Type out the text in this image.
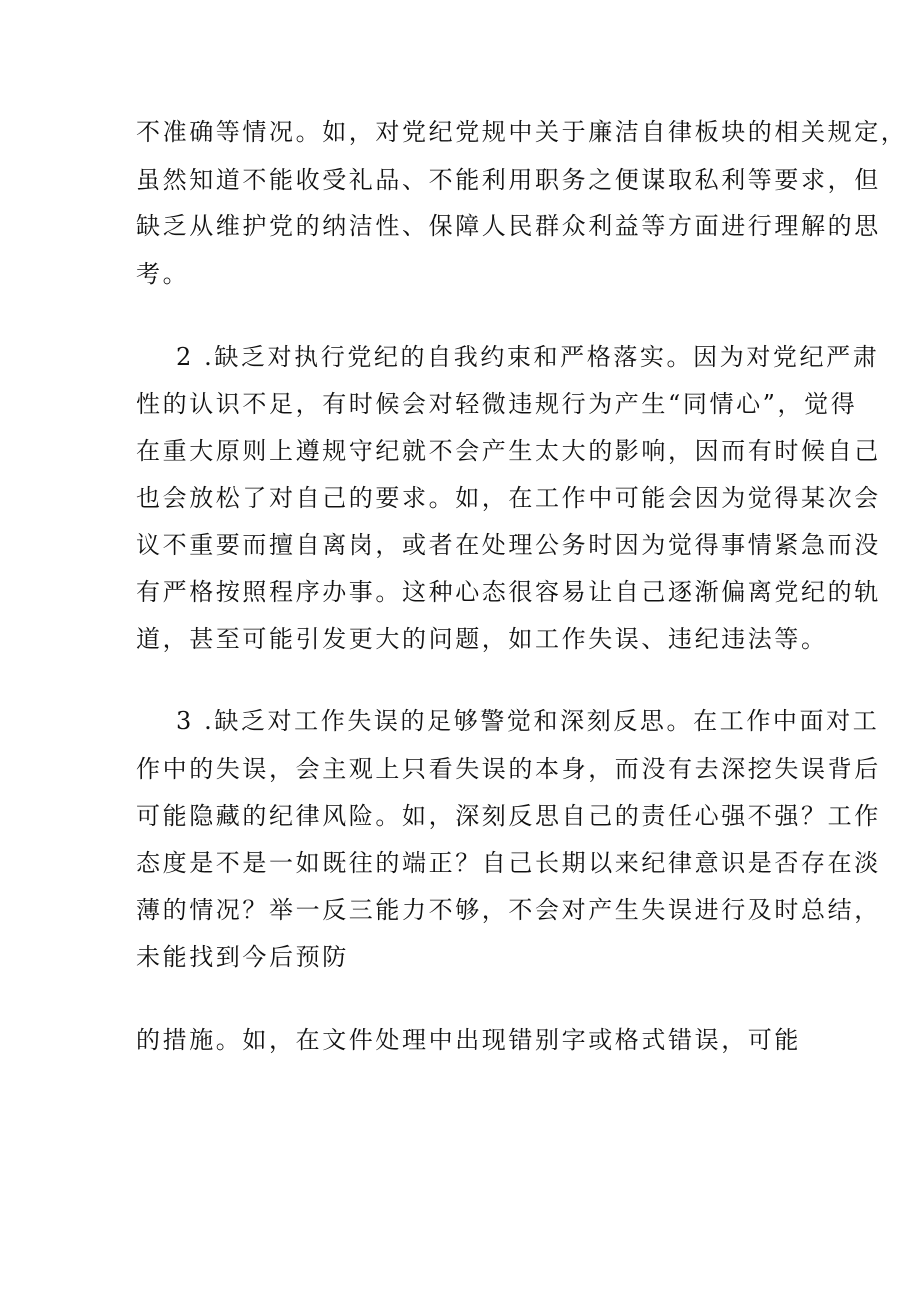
不准确等情况。如，对党纪党规中关于廉洁自律板块的相关规定，

虽然知道不能收受礼品、不能利用职务之便谋取私利等要求，但

缺乏从维护党的纳洁性、保障人民群众利益等方面进行理解的思

考。

2 .缺乏对执行党纪的自我约束和严格落实。因为对党纪严肃

性的认识不足，有时候会对轻微违规行为产生“同情心”，觉得

在重大原则上遵规守纪就不会产生太大的影响，因而有时候自己

也会放松了对自己的要求。如，在工作中可能会因为觉得某次会

议不重要而擅自离岗，或者在处理公务时因为觉得事情紧急而没

有严格按照程序办事。这种心态很容易让自己逐渐偏离党纪的轨

道，甚至可能引发更大的问题，如工作失误、违纪违法等。

3 .缺乏对工作失误的足够警觉和深刻反思。在工作中面对工

作中的失误，会主观上只看失误的本身，而没有去深挖失误背后

可能隐藏的纪律风险。如，深刻反思自己的责任心强不强？工作

态度是不是一如既往的端正？自己长期以来纪律意识是否存在淡

薄的情况？举一反三能力不够，不会对产生失误进行及时总结，

未能找到今后预防

的措施。如，在文件处理中出现错别字或格式错误，可能
